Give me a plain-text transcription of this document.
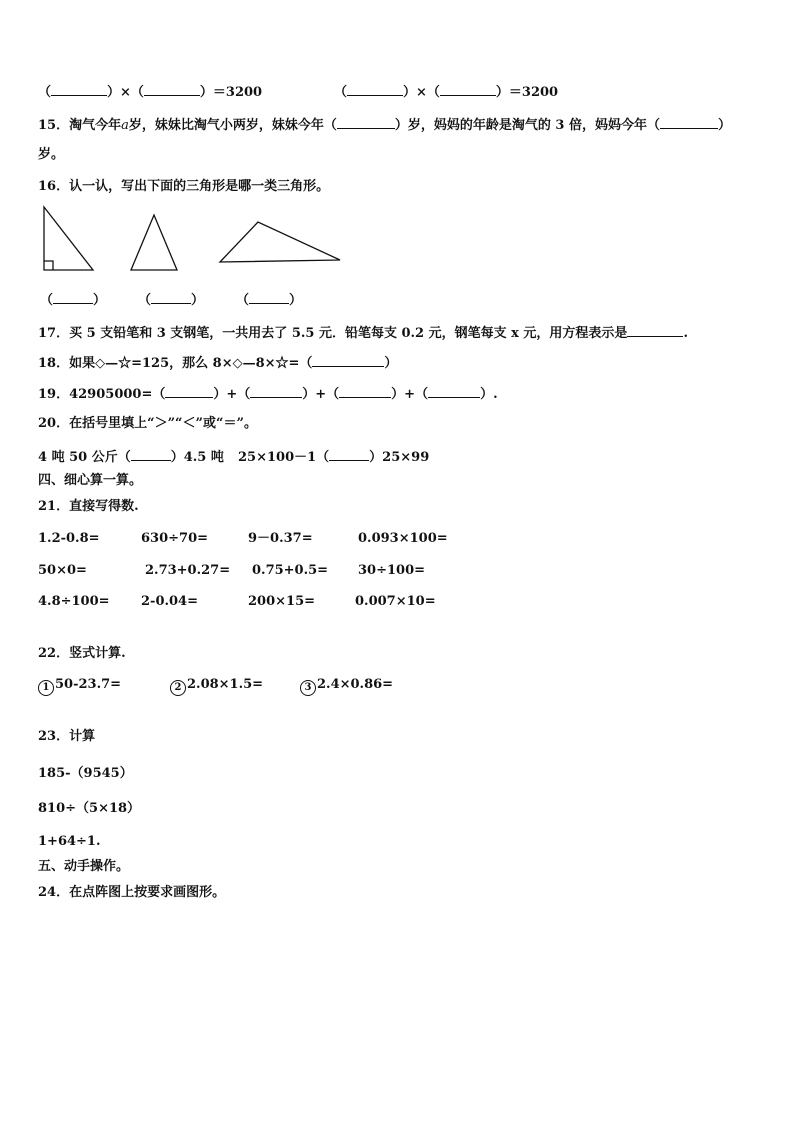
（	）×（	）＝3200	（	）×（	）＝3200
15．淘气今年a岁，妹妹比淘气小两岁，妹妹今年（	）岁，妈妈的年龄是淘气的 3 倍，妈妈今年（	）
岁。
16．认一认，写出下面的三角形是哪一类三角形。
（	） （	） （	）
17．买 5 支铅笔和 3 支钢笔，一共用去了 5.5 元．铅笔每支 0.2 元，钢笔每支 x 元，用方程表示是	.
18．如果◇—☆=125，那么 8×◇—8×☆=（	）
19．42905000=（	）+（	）+（	）+（	）.
20．在括号里填上“＞”“＜”或“＝”。
4 吨 50 公斤（	）4.5 吨 25×100－1（	）25×99
四、细心算一算。
21．直接写得数.
1.2-0.8=	630÷70=	9－0.37=	0.093×100=
50×0=	2.73+0.27= 0.75+0.5= 30÷100=
4.8÷100= 2-0.04=	200×15=	0.007×10=
22．竖式计算.
1 50-23.7=	2 2.08×1.5=	3 2.4×0.86=
23．计算
185-（9545）
810÷（5×18）
1+64÷1.
五、动手操作。
24．在点阵图上按要求画图形。
